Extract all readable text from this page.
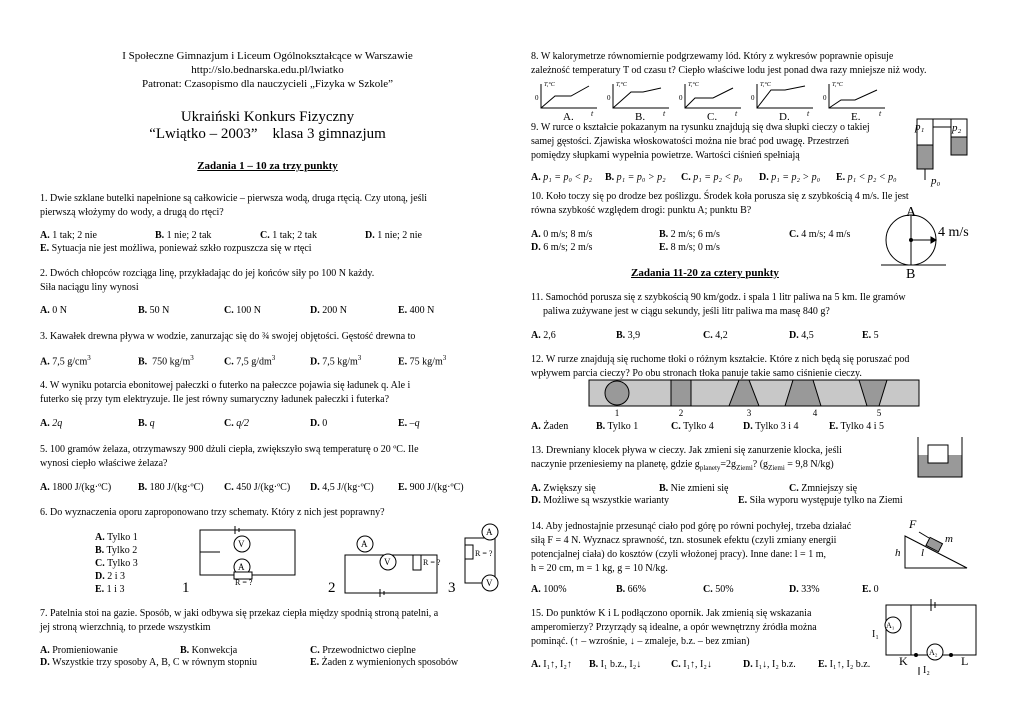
I Społeczne Gimnazjum i Liceum Ogólnokształcące w Warszawie
http://slo.bednarska.edu.pl/lwiatko
Patronat: Czasopismo dla nauczycieli „Fizyka w Szkole”
Ukraiński Konkurs Fizyczny
“Lwiątko – 2003”    klasa 3 gimnazjum
Zadania 1 – 10 za trzy punkty
1. Dwie szklane butelki napełnione są całkowicie – pierwsza wodą, druga rtęcią. Czy utoną, jeśli
pierwszą włożymy do wody, a drugą do rtęci?
A. 1 tak; 2 nie	B. 1 nie; 2 tak	C. 1 tak; 2 tak	D. 1 nie; 2 nie
E. Sytuacja nie jest możliwa, ponieważ szkło rozpuszcza się w rtęci
2. Dwóch chłopców rozciąga linę, przykładając do jej końców siły po 100 N każdy.
Siła naciągu liny wynosi
A. 0 N	B. 50 N	C. 100 N	D. 200 N	E. 400 N
3. Kawałek drewna pływa w wodzie, zanurzając się do ¾ swojej objętości. Gęstość drewna to
A. 7,5 $g/cm^3$	B. 750 $kg/m^3$	C. 7,5 $g/dm^3$	D. 7,5 $kg/m^3$	E. 75 $kg/m^3$
4. W wyniku potarcia ebonitowej pałeczki o futerko na pałeczce pojawia się ładunek q. Ale i
futerko się przy tym elektryzuje. Ile jest równy sumaryczny ładunek pałeczki i futerka?
A. 2q	B. q	C. q/2	D. 0	E. –q
5. 100 gramów żelaza, otrzymawszy 900 dżuli ciepła, zwiększyło swą temperaturę o 20 ºC. Ile
wynosi ciepło właściwe żelaza?
A. 1800 J/(kg·ºC)	B. 180 J/(kg·ºC) C. 450 J/(kg·ºC) D. 4,5 J/(kg·ºC) E. 900 J/(kg·ºC)
6. Do wyznaczenia oporu zaproponowano trzy schematy. Który z nich jest poprawny?
A. Tylko 1
B. Tylko 2
C. Tylko 3
D. 2 i 3
E. 1 i 3
V
A
R = ?
A
V	R = ?
A
V
R = ?
1	2	3
7. Patelnia stoi na gazie. Sposób, w jaki odbywa się przekaz ciepła między spodnią stroną patelni, a
jej stroną wierzchnią, to przede wszystkim
A. Promieniowanie	B. Konwekcja	C. Przewodnictwo cieplne
D. Wszystkie trzy sposoby A, B, C w równym stopniu	E. Żaden z wymienionych sposobów
8. W kalorymetrze równomiernie podgrzewamy lód. Który z wykresów poprawnie opisuje
zależność temperatury T od czasu t? Ciepło właściwe lodu jest ponad dwa razy mniejsze niż wody.
T,°C
t
0
A.
T,°C
t
0
B.
T,°C
t
0
C.
T,°C
t
0
D.
T,°C
t
0
E.
9. W rurce o kształcie pokazanym na rysunku znajdują się dwa słupki cieczy o takiej
samej gęstości. Zjawiska włoskowatości można nie brać pod uwagę. Przestrzeń
pomiędzy słupkami wypełnia powietrze. Wartości ciśnień spełniają
p₁	p₂
p₀
A. p₁ = p₀ < p₂ B. p₁ = p₀ > p₂ C. p₁ = p₂ < p₀ D. p₁ = p₂ > p₀ E. p₁ < p₂ < p₀
10. Koło toczy się po drodze bez poślizgu. Środek koła porusza się z szybkością 4 m/s. Ile jest
równa szybkość względem drogi: punktu A; punktu B?
A. 0 m/s; 8 m/s	B. 2 m/s; 6 m/s	C. 4 m/s; 4 m/s
D. 6 m/s; 2 m/s	E. 8 m/s; 0 m/s
A
B
4 m/s
Zadania 11-20 za cztery punkty
11. Samochód porusza się z szybkością 90 km/godz. i spala 1 litr paliwa na 5 km. Ile gramów
paliwa zużywane jest w ciągu sekundy, jeśli litr paliwa ma masę 840 g?
A. 2,6	B. 3,9	C. 4,2	D. 4,5	E. 5
12. W rurze znajdują się ruchome tłoki o różnym kształcie. Które z nich będą się poruszać pod
wpływem parcia cieczy? Po obu stronach tłoka panuje takie samo ciśnienie cieczy.
1	2	3	4	5
A. Żaden	B. Tylko 1	C. Tylko 4	D. Tylko 3 i 4	E. Tylko 4 i 5
13. Drewniany klocek pływa w cieczy. Jak zmieni się zanurzenie klocka, jeśli
naczynie przeniesiemy na planetę, gdzie $g_{planety}=2g_{Ziemi}$? ($g_{Ziemi} = 9,8$ N/kg)
A. Zwiększy się	B. Nie zmieni się	C. Zmniejszy się
D. Możliwe są wszystkie warianty	E. Siła wyporu występuje tylko na Ziemi
14. Aby jednostajnie przesunąć ciało pod górę po równi pochyłej, trzeba działać
siłą F = 4 N. Wyznacz sprawność, tzn. stosunek efektu (czyli zmiany energii
potencjalnej ciała) do kosztów (czyli włożonej pracy). Inne dane: l = 1 m,
h = 20 cm, m = 1 kg, g = 10 N/kg.
F
m
h l
A. 100%	B. 66%	C. 50%	D. 33%	E. 0
15. Do punktów K i L podłączono opornik. Jak zmienią się wskazania
amperomierzy? Przyrządy są idealne, a opór wewnętrzny źródła można
pominąć. (↑ – wzrośnie, ↓ – zmaleje, b.z. – bez zmian)
A₁
A₂
I₁
I₂
K	L
A. I₁↑, I₂↑ B. I₁ b.z., I₂↓	C. I₁↑, I₂↓	D. I₁↓, I₂ b.z. E. I₁↑, I₂ b.z.
